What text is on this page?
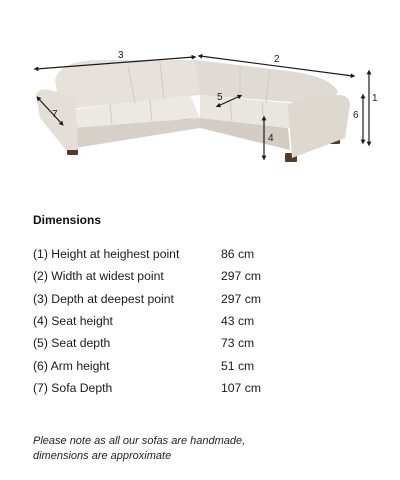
3	2
5	1
6
4
7
Dimensions
(1) Height at heighest point	86 cm
(2) Width at widest point	297 cm
(3) Depth at deepest point	297 cm
(4) Seat height	43 cm
(5) Seat depth	73 cm
(6) Arm height	51 cm
(7) Sofa Depth	107 cm

Please note as all our sofas are handmade,
dimensions are approximate
